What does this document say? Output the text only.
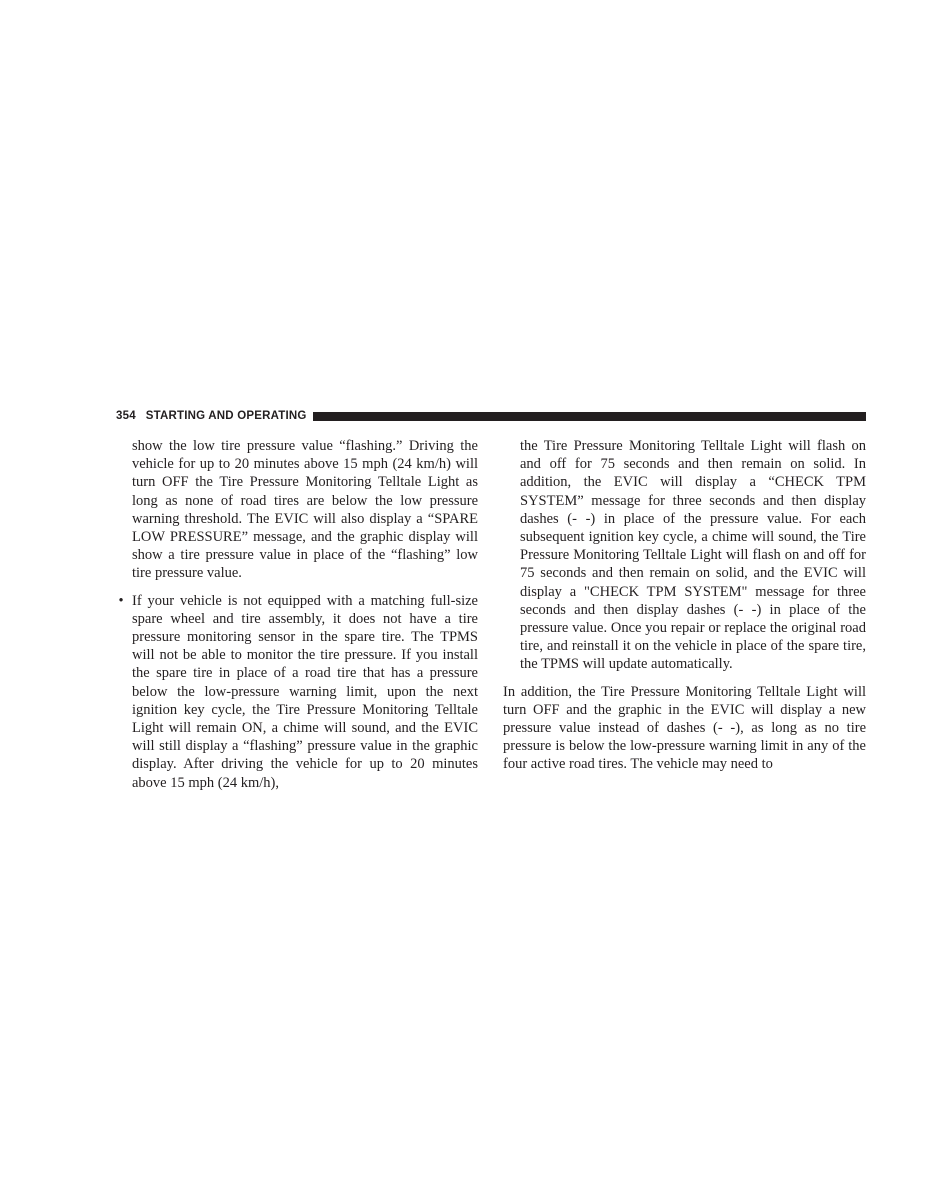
354 STARTING AND OPERATING

show the low tire pressure value “flashing.” Driving the vehicle for up to 20 minutes above 15 mph (24 km/h) will turn OFF the Tire Pressure Monitoring Telltale Light as long as none of road tires are below the low pressure warning threshold. The EVIC will also display a “SPARE LOW PRESSURE” message, and the graphic display will show a tire pressure value in place of the “flashing” low tire pressure value.

• If your vehicle is not equipped with a matching full-size spare wheel and tire assembly, it does not have a tire pressure monitoring sensor in the spare tire. The TPMS will not be able to monitor the tire pressure. If you install the spare tire in place of a road tire that has a pressure below the low-pressure warning limit, upon the next ignition key cycle, the Tire Pressure Monitoring Telltale Light will remain ON, a chime will sound, and the EVIC will still display a “flashing” pressure value in the graphic display. After driving the vehicle for up to 20 minutes above 15 mph (24 km/h),

the Tire Pressure Monitoring Telltale Light will flash on and off for 75 seconds and then remain on solid. In addition, the EVIC will display a “CHECK TPM SYSTEM” message for three seconds and then display dashes (- -) in place of the pressure value. For each subsequent ignition key cycle, a chime will sound, the Tire Pressure Monitoring Telltale Light will flash on and off for 75 seconds and then remain on solid, and the EVIC will display a "CHECK TPM SYSTEM" message for three seconds and then display dashes (- -) in place of the pressure value. Once you repair or replace the original road tire, and reinstall it on the vehicle in place of the spare tire, the TPMS will update automatically.

In addition, the Tire Pressure Monitoring Telltale Light will turn OFF and the graphic in the EVIC will display a new pressure value instead of dashes (- -), as long as no tire pressure is below the low-pressure warning limit in any of the four active road tires. The vehicle may need to
